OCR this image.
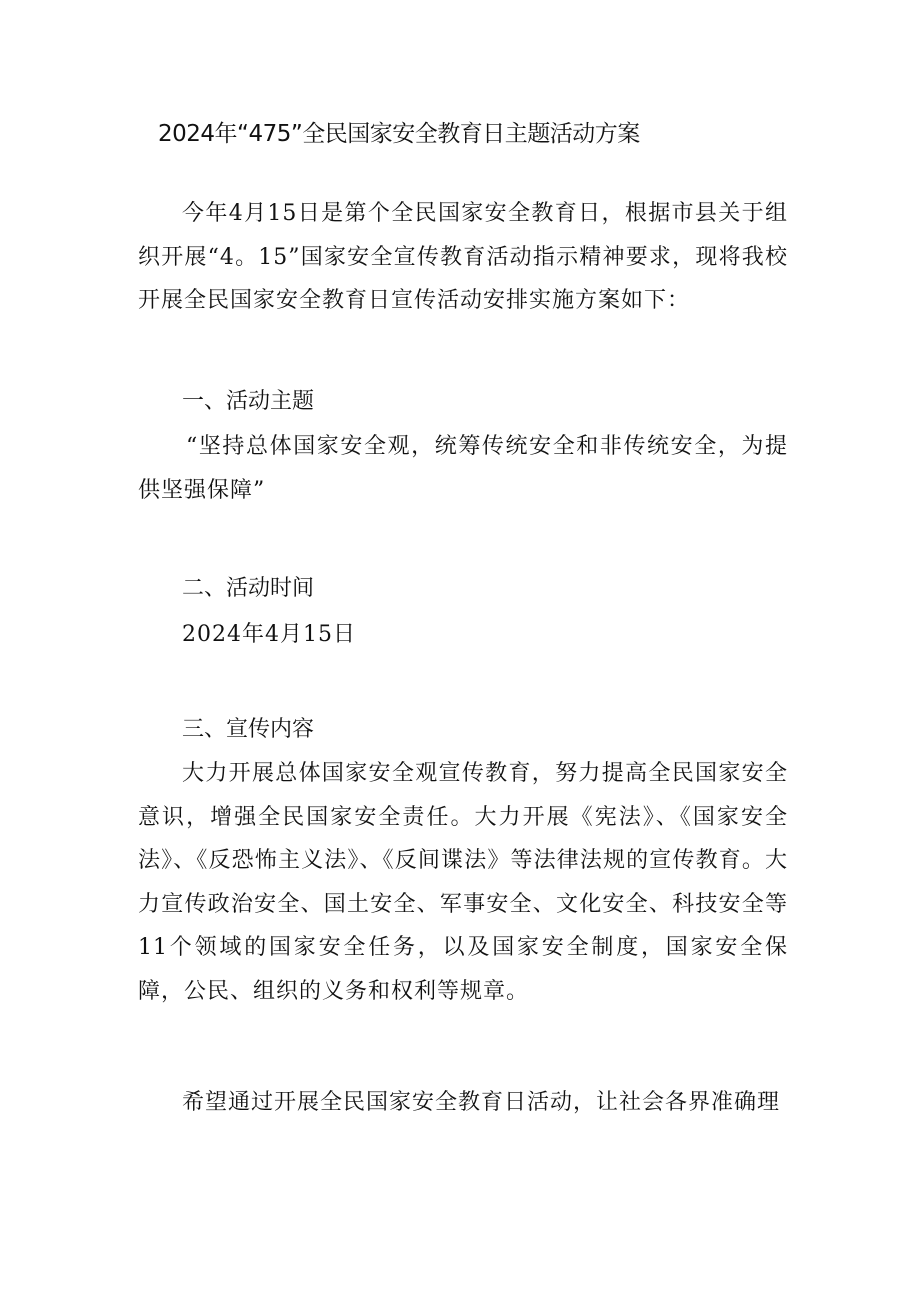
2024年“475”全民国家安全教育日主题活动方案

今年4月15日是第个全民国家安全教育日，根据市县关于组织开展“4。15”国家安全宣传教育活动指示精神要求，现将我校开展全民国家安全教育日宣传活动安排实施方案如下：

一、活动主题

“坚持总体国家安全观，统筹传统安全和非传统安全，为提供坚强保障”

二、活动时间

2024年4月15日

三、宣传内容

大力开展总体国家安全观宣传教育，努力提高全民国家安全意识，增强全民国家安全责任。大力开展《宪法》、《国家安全法》、《反恐怖主义法》、《反间谍法》等法律法规的宣传教育。大力宣传政治安全、国土安全、军事安全、文化安全、科技安全等11个领域的国家安全任务，以及国家安全制度，国家安全保障，公民、组织的义务和权利等规章。

希望通过开展全民国家安全教育日活动，让社会各界准确理
